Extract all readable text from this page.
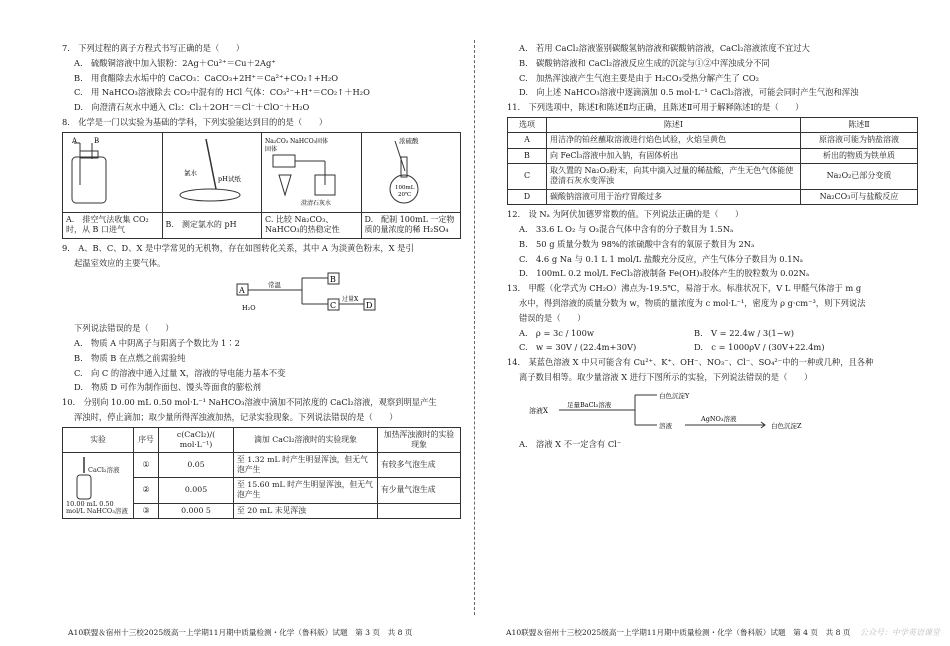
7.　下列过程的离子方程式书写正确的是（　　）
A.　硫酸铜溶液中加入银粉：2Ag＋Cu²⁺＝Cu＋2Ag⁺
B.　用食醋除去水垢中的 CaCO₃：CaCO₃+2H⁺＝Ca²⁺+CO₂↑+H₂O
C.　用 NaHCO₃溶液除去 CO₂中混有的 HCl 气体：CO₃²⁻+H⁺＝CO₂↑＋H₂O
D.　向澄清石灰水中通入 Cl₂：Cl₂＋2OH⁻＝Cl⁻＋ClO⁻＋H₂O
8.　化学是一门以实验为基础的学科，下列实验能达到目的的是（　　）
A B	氯水
pH试纸	Na₂CO₃ NaHCO₃固体
固体
澄清石灰水	浓硫酸
100mL
20℃

A.　排空气法收集 CO₂时，从 B 口进气	B.　测定氯水的 pH	C. 比较 Na₂CO₃、NaHCO₃的热稳定性	D.　配制 100mL 一定物质的量浓度的稀 H₂SO₄
9.　A、B、C、D、X 是中学常见的无机物，存在如图转化关系，其中 A 为淡黄色粉末，X 是引
起温室效应的主要气体。
A
常温
H₂O
B
C
过量X
D
下列说法错误的是（　　）
A.　物质 A 中阴离子与阳离子个数比为 1∶2
B.　物质 B 在点燃之前需验纯
C.　向 C 的溶液中通入过量 X，溶液的导电能力基本不变
D.　物质 D 可作为制作面包、馒头等面食的膨松剂
10.　分别向 10.00 mL 0.50 mol·L⁻¹ NaHCO₃溶液中滴加不同浓度的 CaCl₂溶液，观察到明显产生
浑浊时，停止滴加；取少量所得浑浊液加热，记录实验现象。下列说法错误的是（　　）
实验	序号	c(CaCl₂)/( mol·L⁻¹)	滴加 CaCl₂溶液时的实验现象	加热浑浊液时的实验现象

CaCl₂溶液
10.00 mL 0.50 mol/L NaHCO₃溶液	①	0.05	至 1.32 mL 时产生明显浑浊，但无气泡产生	有较多气泡生成
	②	0.005	至 15.60 mL 时产生明显浑浊，但无气泡产生	有少量气泡生成
	③	0.000 5	至 20 mL 未见浑浊	
A.　若用 CaCl₂溶液鉴别碳酸氢钠溶液和碳酸钠溶液，CaCl₂溶液浓度不宜过大
B.　碳酸钠溶液和 CaCl₂溶液反应生成的沉淀与①②中浑浊成分不同
C.　加热浑浊液产生气泡主要是由于 H₂CO₃受热分解产生了 CO₂
D.　向上述 NaHCO₃溶液中逐滴滴加 0.5 mol·L⁻¹ CaCl₂溶液，可能会同时产生气泡和浑浊
11.　下列选项中，陈述Ⅰ和陈述Ⅱ均正确，且陈述Ⅱ可用于解释陈述Ⅰ的是（　　）
选项	陈述Ⅰ	陈述Ⅱ
A	用洁净的铂丝蘸取溶液进行焰色试验，火焰呈黄色	原溶液可能为钠盐溶液
B	向 FeCl₃溶液中加入钠，有固体析出	析出的物质为铁单质
C	取久置的 Na₂O₂粉末，向其中滴入过量的稀盐酸，产生无色气体能使澄清石灰水变浑浊	Na₂O₂已部分变质
D	碳酸钠溶液可用于治疗胃酸过多	Na₂CO₃可与盐酸反应
12.　设 Nₐ 为阿伏加德罗常数的值。下列说法正确的是（　　）
A.　33.6 L O₂ 与 O₃混合气体中含有的分子数目为 1.5Nₐ
B.　50 g 质量分数为 98%的浓硫酸中含有的氧原子数目为 2Nₐ
C.　4.6 g Na 与 0.1 L 1 mol/L 盐酸充分反应，产生气体分子数目为 0.1Nₐ
D.　100mL 0.2 mol/L FeCl₃溶液制备 Fe(OH)₃胶体产生的胶粒数为 0.02Nₐ
13.　甲醛（化学式为 CH₂O）沸点为-19.5℃，易溶于水。标准状况下，V L 甲醛气体溶于 m g
水中，得到溶液的质量分数为 w，物质的量浓度为 c mol·L⁻¹，密度为 ρ g·cm⁻³，则下列说法
错误的是（　　）
A.　ρ = 3c / 100w	B.　V = 22.4w / 3(1−w)
C.　w = 30V / (22.4m+30V)	D.　c = 1000ρV / (30V+22.4m)
14.　某蓝色溶液 X 中只可能含有 Cu²⁺、K⁺、OH⁻、NO₃⁻、Cl⁻、SO₄²⁻中的一种或几种，且各种
离子数目相等。取少量溶液 X 进行下图所示的实验，下列说法错误的是（　　）
溶液X
足量BaCl₂溶液
白色沉淀Y
溶液
AgNO₃溶液
白色沉淀Z
A.　溶液 X 不一定含有 Cl⁻
A10联盟＆宿州十三校2025级高一上学期11月期中质量检测・化学（鲁科版）试题　第 3 页　共 8 页	A10联盟＆宿州十三校2025级高一上学期11月期中质量检测・化学（鲁科版）试题　第 4 页　共 8 页 公众号：中学英语课堂
